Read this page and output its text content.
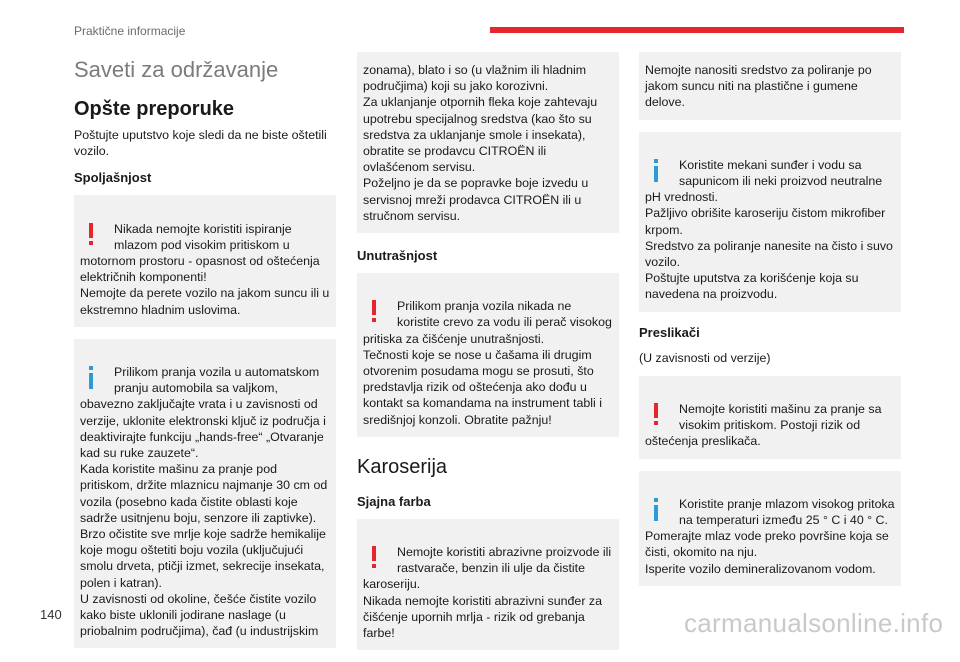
Praktične informacije
Saveti za održavanje
Opšte preporuke
Poštujte uputstvo koje sledi da ne biste oštetili vozilo.
Spoljašnjost

Nikada nemojte koristiti ispiranje mlazom pod visokim pritiskom u motornom prostoru - opasnost od oštećenja električnih komponenti!
Nemojte da perete vozilo na jakom suncu ili u ekstremno hladnim uslovima.

Prilikom pranja vozila u automatskom pranju automobila sa valjkom, obavezno zaključajte vrata i u zavisnosti od verzije, uklonite elektronski ključ iz područja i deaktivirajte funkciju „hands-free“ „Otvaranje kad su ruke zauzete“.
Kada koristite mašinu za pranje pod pritiskom, držite mlaznicu najmanje 30 cm od vozila (posebno kada čistite oblasti koje sadrže usitnjenu boju, senzore ili zaptivke).
Brzo očistite sve mrlje koje sadrže hemikalije koje mogu oštetiti boju vozila (uključujući smolu drveta, ptičji izmet, sekrecije insekata, polen i katran).
U zavisnosti od okoline, češće čistite vozilo kako biste uklonili jodirane naslage (u priobalnim područjima), čađ (u industrijskim

zonama), blato i so (u vlažnim ili hladnim područjima) koji su jako korozivni.
Za uklanjanje otpornih fleka koje zahtevaju upotrebu specijalnog sredstva (kao što su sredstva za uklanjanje smole i insekata), obratite se prodavcu CITROËN ili ovlašćenom servisu.
Poželjno je da se popravke boje izvedu u servisnoj mreži prodavca CITROËN ili u stručnom servisu.
Unutrašnjost

Prilikom pranja vozila nikada ne koristite crevo za vodu ili perač visokog pritiska za čišćenje unutrašnjosti.
Tečnosti koje se nose u čašama ili drugim otvorenim posudama mogu se prosuti, što predstavlja rizik od oštećenja ako dođu u kontakt sa komandama na instrument tabli i središnjoj konzoli. Obratite pažnju!

Karoserija
Sjajna farba

Nemojte koristiti abrazivne proizvode ili rastvarače, benzin ili ulje da čistite karoseriju.
Nikada nemojte koristiti abrazivni sunđer za čišćenje upornih mrlja - rizik od grebanja farbe!

Nemojte nanositi sredstvo za poliranje po jakom suncu niti na plastične i gumene delove.

Koristite mekani sunđer i vodu sa sapunicom ili neki proizvod neutralne pH vrednosti.
Pažljivo obrišite karoseriju čistom mikrofiber krpom.
Sredstvo za poliranje nanesite na čisto i suvo vozilo.
Poštujte uputstva za korišćenje koja su navedena na proizvodu.

Preslikači
(U zavisnosti od verzije)

Nemojte koristiti mašinu za pranje sa visokim pritiskom. Postoji rizik od oštećenja preslikača.

Koristite pranje mlazom visokog pritoka na temperaturi između 25 ° C i 40 ° C.
Pomerajte mlaz vode preko površine koja se čisti, okomito na nju.
Isperite vozilo demineralizovanom vodom.

140	carmanualsonline.info
